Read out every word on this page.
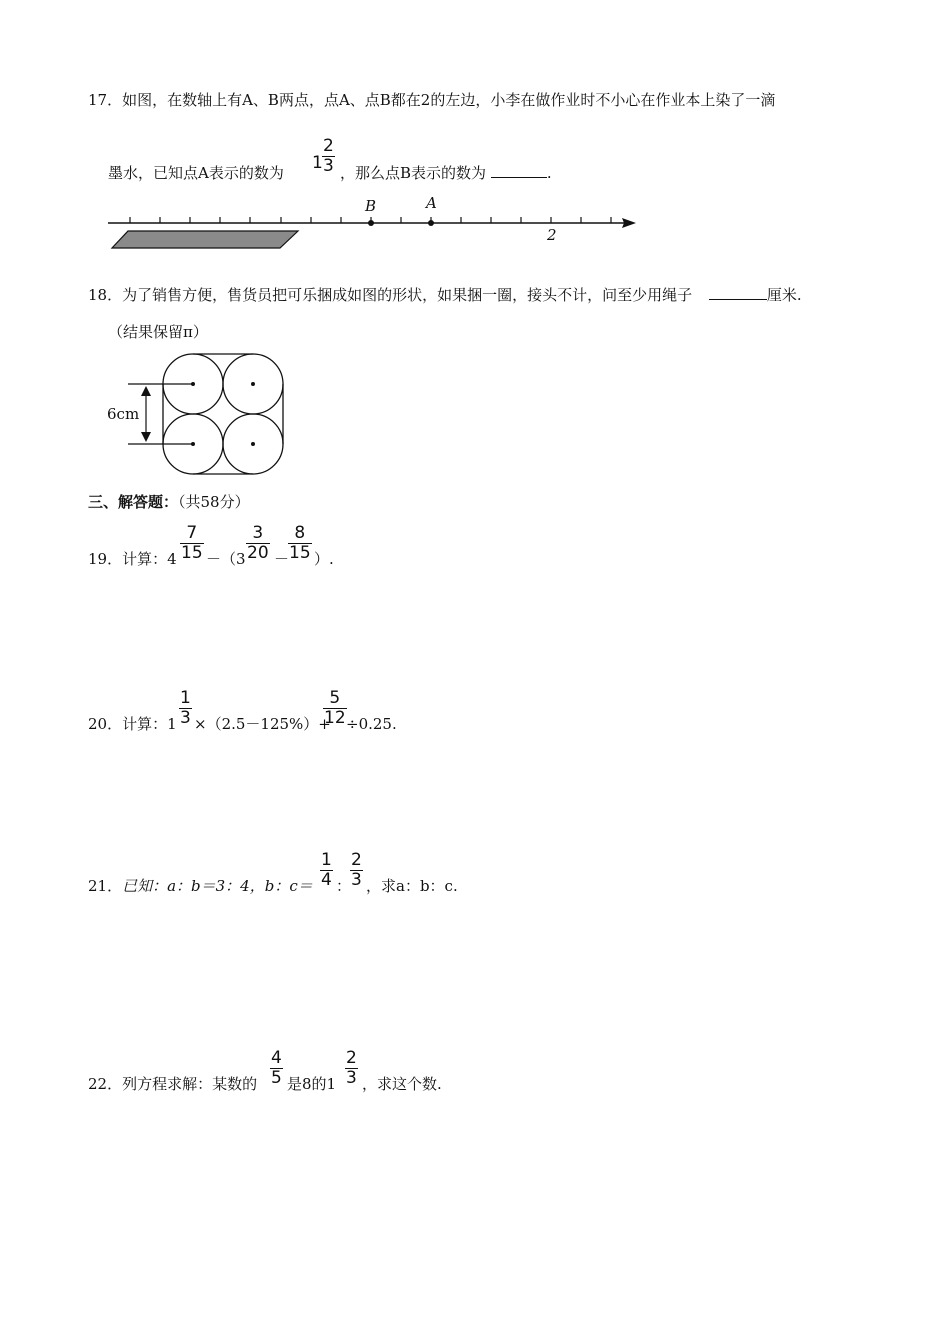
17．如图，在数轴上有A、B两点，点A、点B都在2的左边，小李在做作业时不小心在作业本上染了一滴
墨水，已知点A表示的数为 $1 \frac{2}{3}$ ，那么点B表示的数为	.
B	A
2
18．为了销售方便，售货员把可乐捆成如图的形状，如果捆一圈，接头不计，问至少用绳子	厘米.
（结果保留π）
6cm
三、解答题：（共58分）
19．计算：$4 \frac{7}{15} -(3 \frac{3}{20}$ －
$\frac{8}{15}$ ）.
20．计算：$1 \frac{1}{3} \times(2.5-125\%)+$
$\frac{5}{12} \div 0.25$.
21．已知：a：b＝3：4，b：$c= \frac{1}{4}$ ：
$\frac{2}{3}$ ，求a：b：c.
22．列方程求解：某数的 $\frac{4}{5}$ 是8的$1 \frac{2}{3}$ ，求这个数.
